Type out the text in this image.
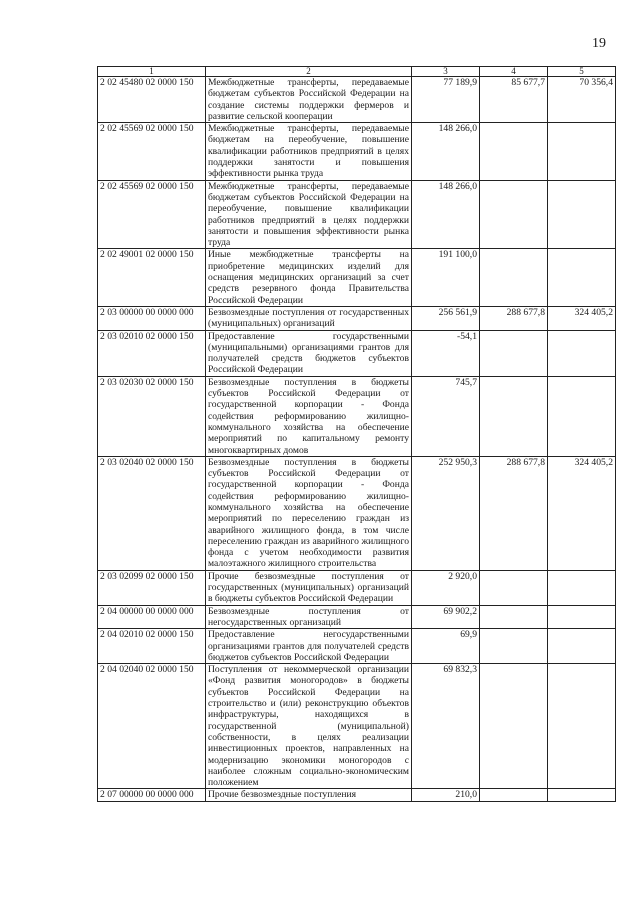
19
1	2	3	4	5
2 02 45480 02 0000 150	Межбюджетные трансферты, передаваемые бюджетам субъектов Российской Федерации на создание системы поддержки фермеров и развитие сельской кооперации	77 189,9	85 677,7	70 356,4
2 02 45569 02 0000 150	Межбюджетные трансферты, передаваемые бюджетам на переобучение, повышение квалификации работников предприятий в целях поддержки занятости и повышения эффективности рынка труда	148 266,0		
2 02 45569 02 0000 150	Межбюджетные трансферты, передаваемые бюджетам субъектов Российской Федерации на переобучение, повышение квалификации работников предприятий в целях поддержки занятости и повышения эффективности рынка труда	148 266,0		
2 02 49001 02 0000 150	Иные межбюджетные трансферты на приобретение медицинских изделий для оснащения медицинских организаций за счет средств резервного фонда Правительства Российской Федерации	191 100,0		
2 03 00000 00 0000 000	Безвозмездные поступления от государственных (муниципальных) организаций	256 561,9	288 677,8	324 405,2
2 03 02010 02 0000 150	Предоставление государственными (муниципальными) организациями грантов для получателей средств бюджетов субъектов Российской Федерации	-54,1		
2 03 02030 02 0000 150	Безвозмездные поступления в бюджеты субъектов Российской Федерации от государственной корпорации - Фонда содействия реформированию жилищно-коммунального хозяйства на обеспечение мероприятий по капитальному ремонту многоквартирных домов	745,7		
2 03 02040 02 0000 150	Безвозмездные поступления в бюджеты субъектов Российской Федерации от государственной корпорации - Фонда содействия реформированию жилищно-коммунального хозяйства на обеспечение мероприятий по переселению граждан из аварийного жилищного фонда, в том числе переселению граждан из аварийного жилищного фонда с учетом необходимости развития малоэтажного жилищного строительства	252 950,3	288 677,8	324 405,2
2 03 02099 02 0000 150	Прочие безвозмездные поступления от государственных (муниципальных) организаций в бюджеты субъектов Российской Федерации	2 920,0		
2 04 00000 00 0000 000	Безвозмездные поступления от негосударственных организаций	69 902,2		
2 04 02010 02 0000 150	Предоставление негосударственными организациями грантов для получателей средств бюджетов субъектов Российской Федерации	69,9		
2 04 02040 02 0000 150	Поступления от некоммерческой организации «Фонд развития моногородов» в бюджеты субъектов Российской Федерации на строительство и (или) реконструкцию объектов инфраструктуры, находящихся в государственной (муниципальной) собственности, в целях реализации инвестиционных проектов, направленных на модернизацию экономики моногородов с наиболее сложным социально-экономическим положением	69 832,3		
2 07 00000 00 0000 000	Прочие безвозмездные поступления	210,0		
